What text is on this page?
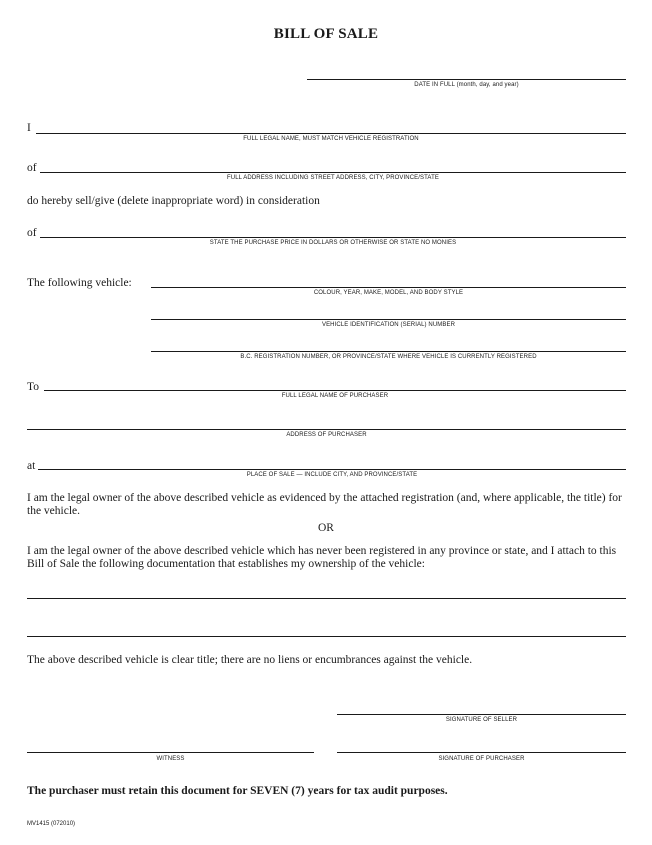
BILL OF SALE
DATE IN FULL (month, day, and year)
I
FULL LEGAL NAME, MUST MATCH VEHICLE REGISTRATION
of
FULL ADDRESS INCLUDING STREET ADDRESS, CITY, PROVINCE/STATE
do hereby sell/give (delete inappropriate word) in consideration
of
STATE THE PURCHASE PRICE IN DOLLARS OR OTHERWISE OR STATE NO MONIES
The following vehicle:
COLOUR, YEAR, MAKE, MODEL, AND BODY STYLE
VEHICLE IDENTIFICATION (SERIAL) NUMBER
B.C. REGISTRATION NUMBER, OR PROVINCE/STATE WHERE VEHICLE IS CURRENTLY REGISTERED
To
FULL LEGAL NAME OF PURCHASER
ADDRESS OF PURCHASER
at
PLACE OF SALE — INCLUDE CITY, AND PROVINCE/STATE
I am the legal owner of the above described vehicle as evidenced by the attached registration (and, where applicable, the title) for the vehicle.
OR
I am the legal owner of the above described vehicle which has never been registered in any province or state, and I attach to this Bill of Sale the following documentation that establishes my ownership of the vehicle:
The above described vehicle is clear title; there are no liens or encumbrances against the vehicle.
SIGNATURE OF SELLER
WITNESS	SIGNATURE OF PURCHASER
The purchaser must retain this document for SEVEN (7) years for tax audit purposes.
MV1415 (072010)
